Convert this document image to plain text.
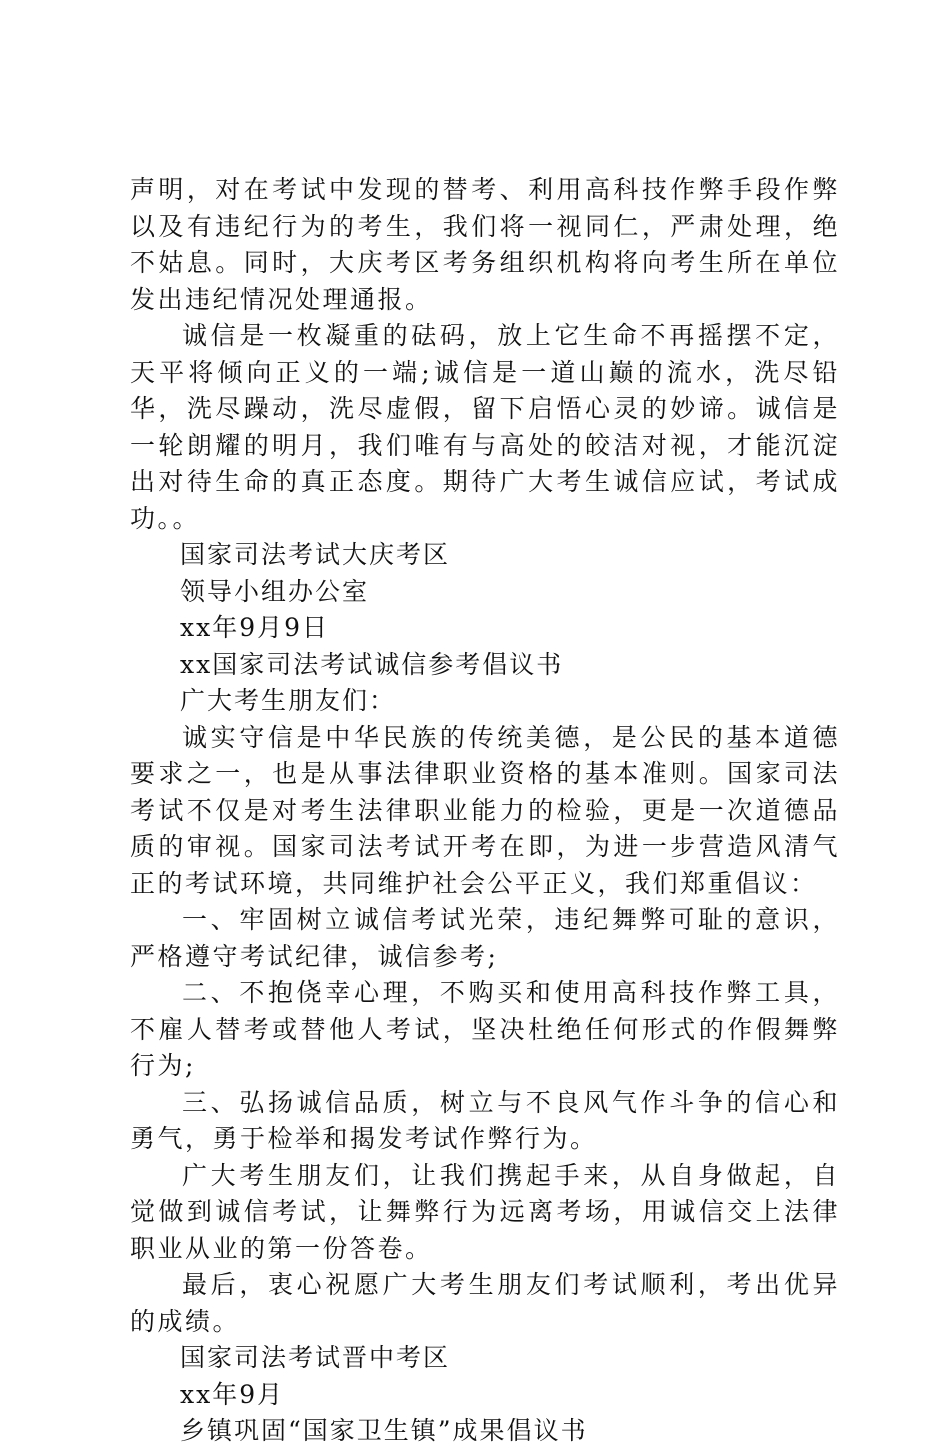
声明，对在考试中发现的替考、利用高科技作弊手段作弊以及有违纪行为的考生，我们将一视同仁，严肃处理，绝不姑息。同时，大庆考区考务组织机构将向考生所在单位发出违纪情况处理通报。

诚信是一枚凝重的砝码，放上它生命不再摇摆不定，天平将倾向正义的一端;诚信是一道山巅的流水，洗尽铅华，洗尽躁动，洗尽虚假，留下启悟心灵的妙谛。诚信是一轮朗耀的明月，我们唯有与高处的皎洁对视，才能沉淀出对待生命的真正态度。期待广大考生诚信应试，考试成功。。

国家司法考试大庆考区

领导小组办公室

xx年9月9日

xx国家司法考试诚信参考倡议书

广大考生朋友们：

诚实守信是中华民族的传统美德，是公民的基本道德要求之一，也是从事法律职业资格的基本准则。国家司法考试不仅是对考生法律职业能力的检验，更是一次道德品质的审视。国家司法考试开考在即，为进一步营造风清气正的考试环境，共同维护社会公平正义，我们郑重倡议：

一、牢固树立诚信考试光荣，违纪舞弊可耻的意识，严格遵守考试纪律，诚信参考;

二、不抱侥幸心理，不购买和使用高科技作弊工具，不雇人替考或替他人考试，坚决杜绝任何形式的作假舞弊行为;

三、弘扬诚信品质，树立与不良风气作斗争的信心和勇气，勇于检举和揭发考试作弊行为。

广大考生朋友们，让我们携起手来，从自身做起，自觉做到诚信考试，让舞弊行为远离考场，用诚信交上法律职业从业的第一份答卷。

最后，衷心祝愿广大考生朋友们考试顺利，考出优异的成绩。

国家司法考试晋中考区

xx年9月

乡镇巩固“国家卫生镇”成果倡议书
